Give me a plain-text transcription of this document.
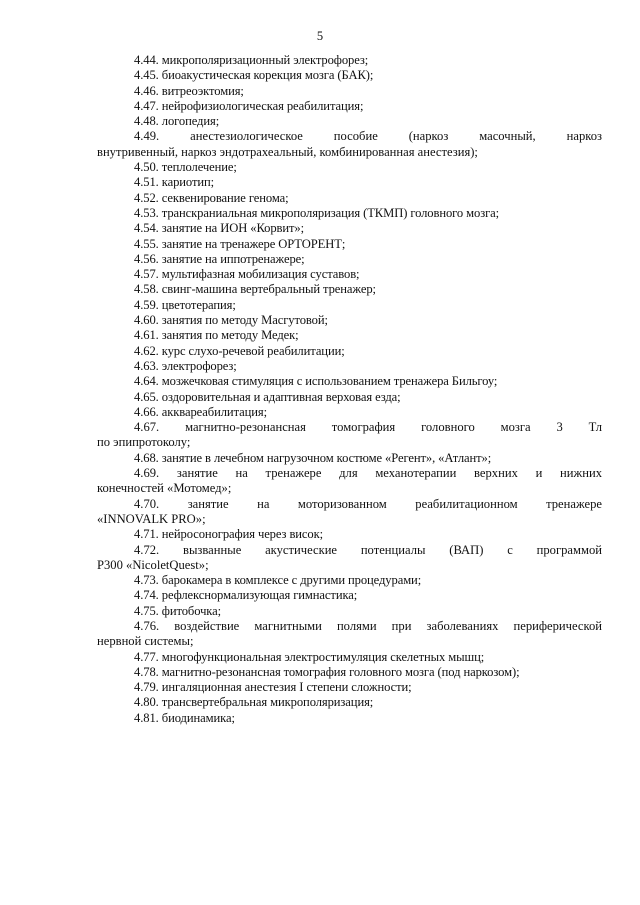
5
4.44. микрополяризационный электрофорез;
4.45. биоакустическая корекция мозга (БАК);
4.46. витреоэктомия;
4.47. нейрофизиологическая реабилитация;
4.48. логопедия;
4.49. анестезиологическое пособие (наркоз масочный, наркоз
внутривенный, наркоз эндотрахеальный, комбинированная анестезия);
4.50. теплолечение;
4.51. кариотип;
4.52. секвенирование генома;
4.53. транскраниальная микрополяризация (ТКМП) головного мозга;
4.54. занятие на ИОН «Корвит»;
4.55. занятие на тренажере ОРТОРЕНТ;
4.56. занятие на иппотренажере;
4.57. мультифазная мобилизация суставов;
4.58. свинг-машина вертебральный тренажер;
4.59. цветотерапия;
4.60. занятия по методу Масгутовой;
4.61. занятия по методу Медек;
4.62. курс слухо-речевой реабилитации;
4.63. электрофорез;
4.64. мозжечковая стимуляция с использованием тренажера Бильгоу;
4.65. оздоровительная и адаптивная верховая езда;
4.66. акквареабилитация;
4.67. магнитно-резонансная томография головного мозга 3 Тл
по эпипротоколу;
4.68. занятие в лечебном нагрузочном костюме «Регент», «Атлант»;
4.69. занятие на тренажере для механотерапии верхних и нижних
конечностей «Мотомед»;
4.70. занятие на моторизованном реабилитационном тренажере
«INNOVALK PRO»;
4.71. нейросонография через висок;
4.72. вызванные акустические потенциалы (ВАП) с программой
Р300 «NicoletQuest»;
4.73. барокамера в комплексе с другими процедурами;
4.74. рефлекснормализующая гимнастика;
4.75. фитобочка;
4.76. воздействие магнитными полями при заболеваниях периферической
нервной системы;
4.77. многофункциональная электростимуляция скелетных мышц;
4.78. магнитно-резонансная томография головного мозга (под наркозом);
4.79. ингаляционная анестезия I степени сложности;
4.80. трансвертебральная микрополяризация;
4.81. биодинамика;
